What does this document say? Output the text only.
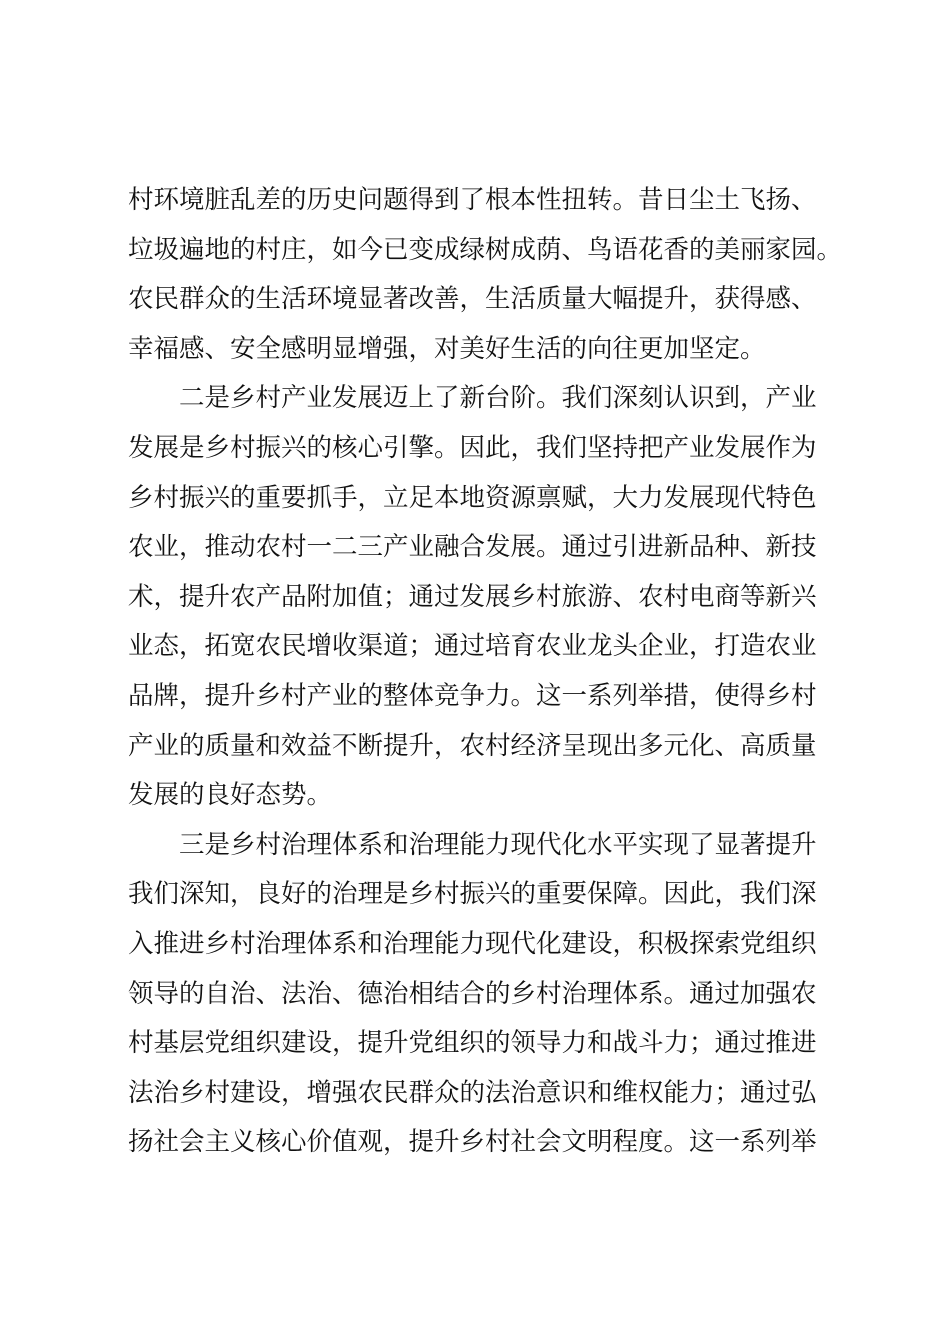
村环境脏乱差的历史问题得到了根本性扭转。昔日尘土飞扬、
垃圾遍地的村庄，如今已变成绿树成荫、鸟语花香的美丽家园。
农民群众的生活环境显著改善，生活质量大幅提升，获得感、
幸福感、安全感明显增强，对美好生活的向往更加坚定。
二是乡村产业发展迈上了新台阶。我们深刻认识到，产业
发展是乡村振兴的核心引擎。因此，我们坚持把产业发展作为
乡村振兴的重要抓手，立足本地资源禀赋，大力发展现代特色
农业，推动农村一二三产业融合发展。通过引进新品种、新技
术，提升农产品附加值；通过发展乡村旅游、农村电商等新兴
业态，拓宽农民增收渠道；通过培育农业龙头企业，打造农业
品牌，提升乡村产业的整体竞争力。这一系列举措，使得乡村
产业的质量和效益不断提升，农村经济呈现出多元化、高质量
发展的良好态势。
三是乡村治理体系和治理能力现代化水平实现了显著提升
我们深知，良好的治理是乡村振兴的重要保障。因此，我们深
入推进乡村治理体系和治理能力现代化建设，积极探索党组织
领导的自治、法治、德治相结合的乡村治理体系。通过加强农
村基层党组织建设，提升党组织的领导力和战斗力；通过推进
法治乡村建设，增强农民群众的法治意识和维权能力；通过弘
扬社会主义核心价值观，提升乡村社会文明程度。这一系列举
